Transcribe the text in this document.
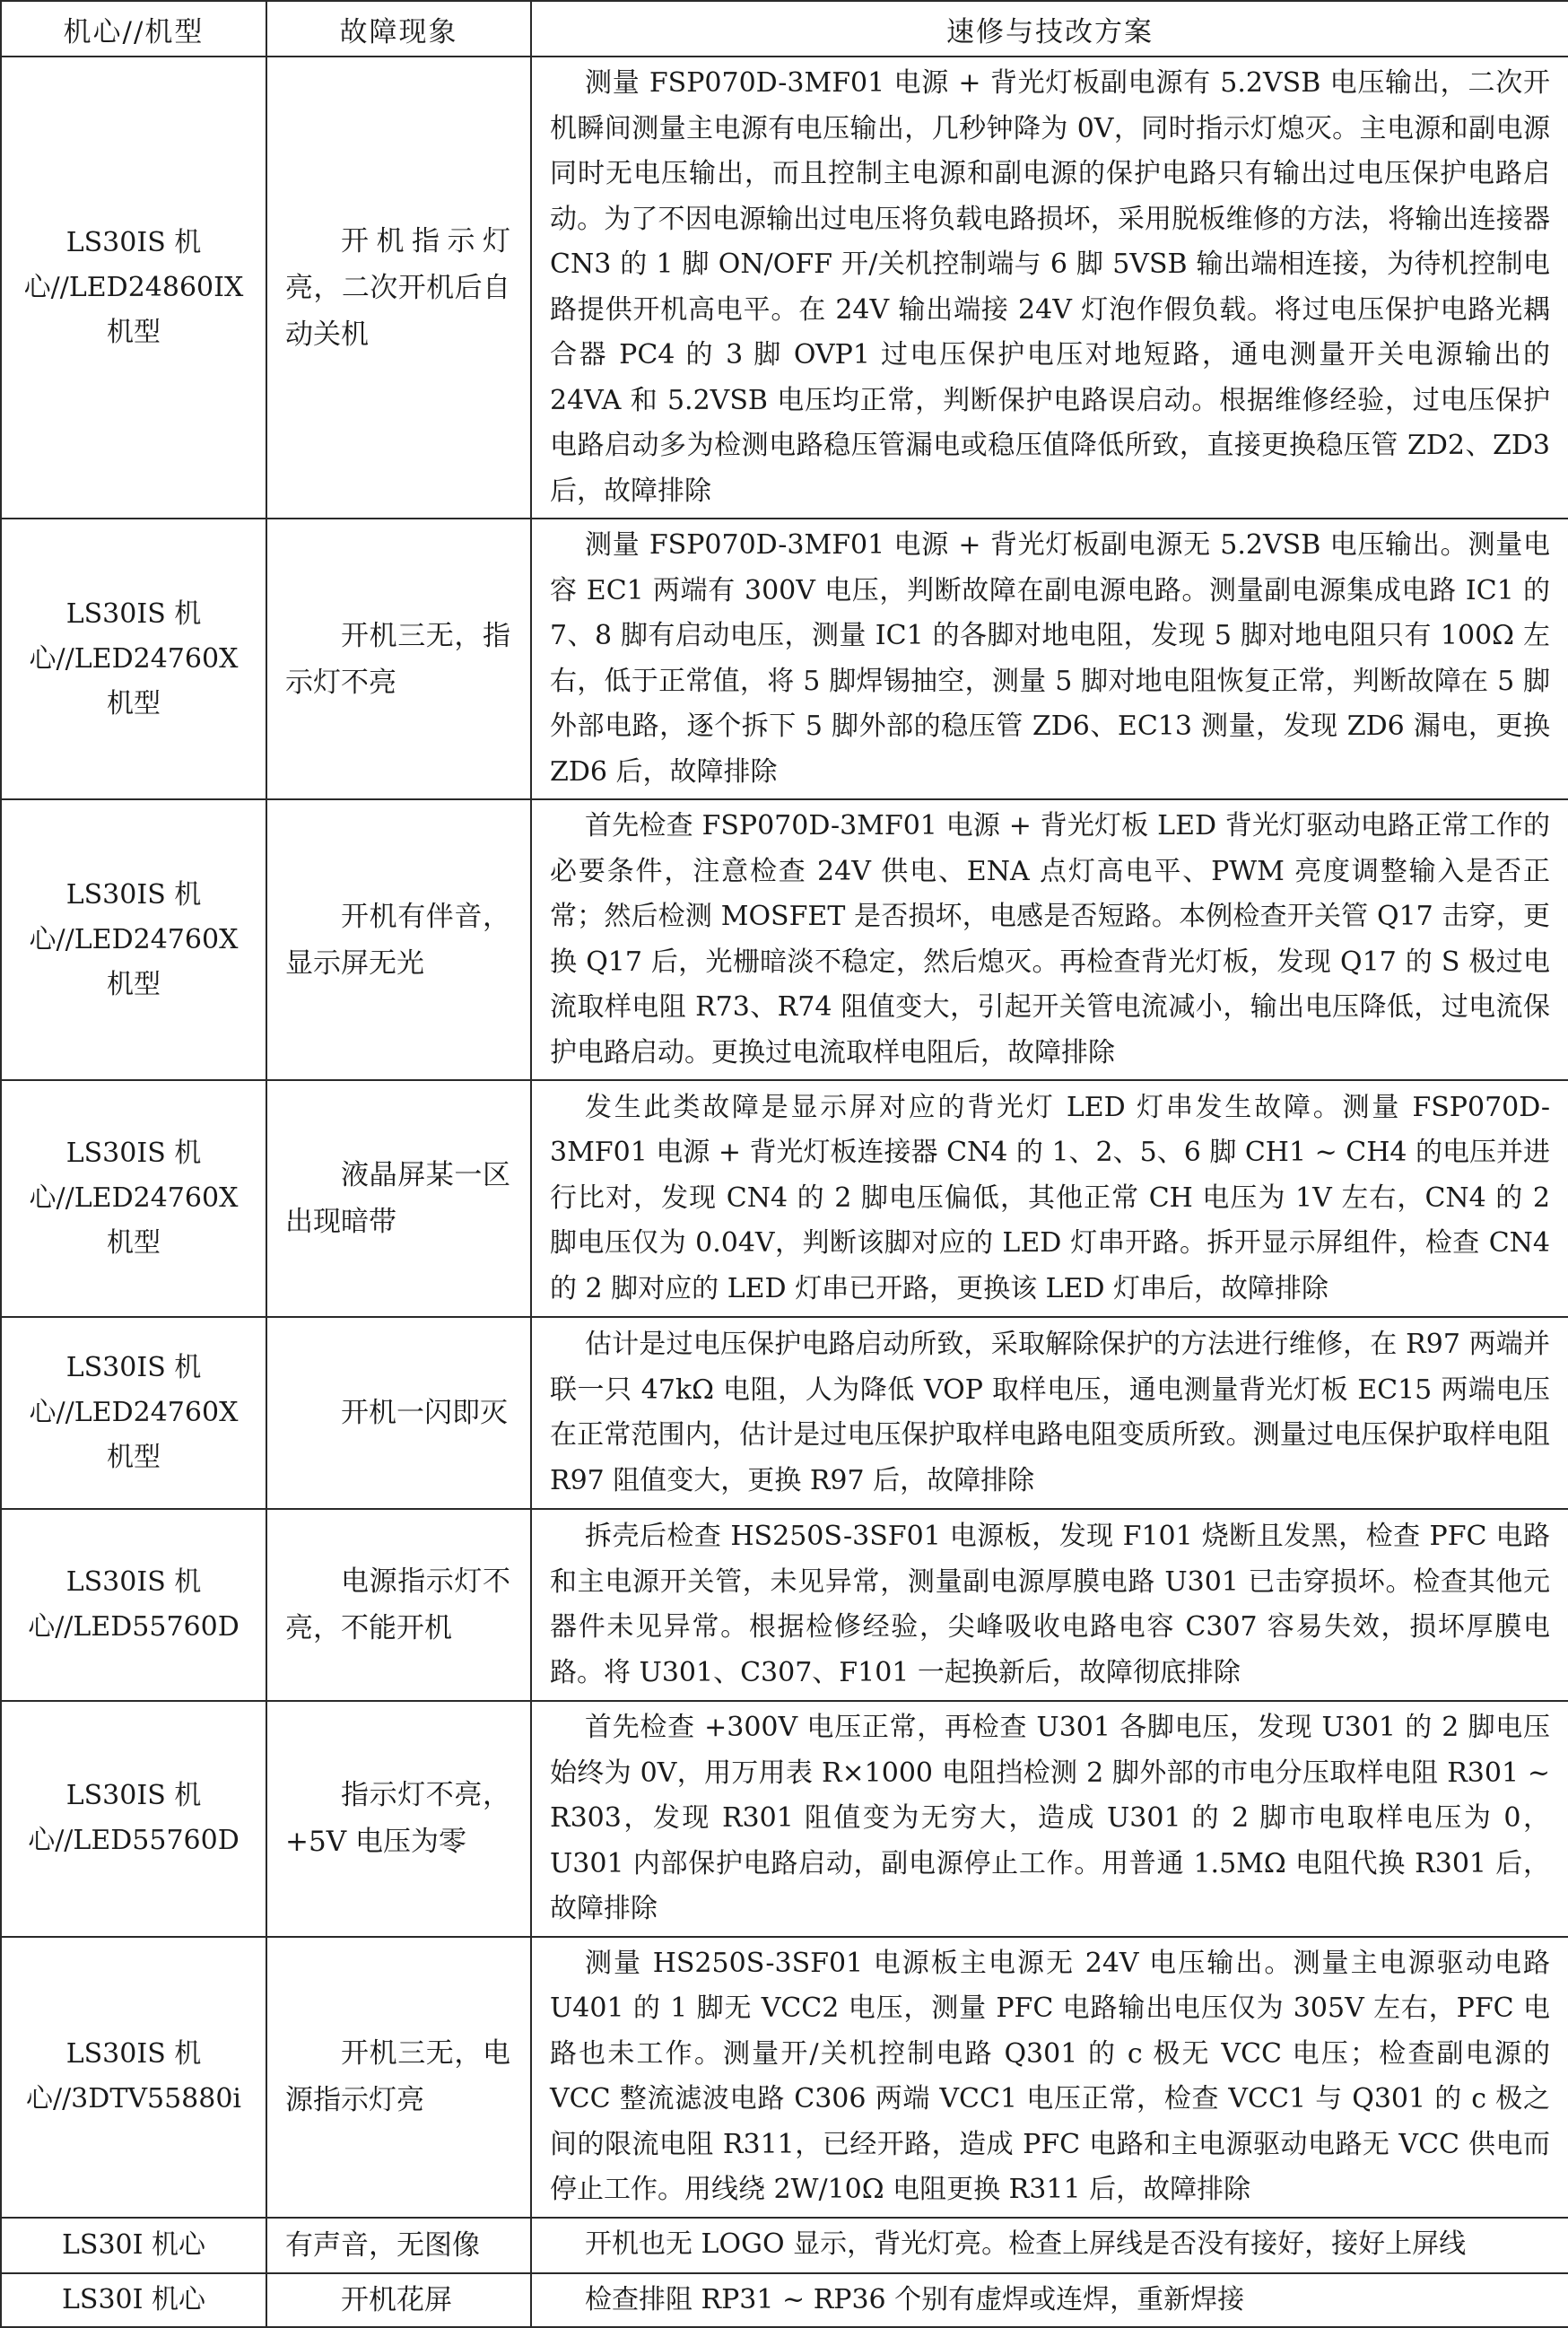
机心//机型	故障现象	速修与技改方案
LS30IS 机心//LED24860IX 机型	开机指示灯亮，二次开机后自动关机	测量 FSP070D-3MF01 电源 + 背光灯板副电源有 5.2VSB 电压输出，二次开机瞬间测量主电源有电压输出，几秒钟降为 0V，同时指示灯熄灭。主电源和副电源同时无电压输出，而且控制主电源和副电源的保护电路只有输出过电压保护电路启动。为了不因电源输出过电压将负载电路损坏，采用脱板维修的方法，将输出连接器 CN3 的 1 脚 ON/OFF 开/关机控制端与 6 脚 5VSB 输出端相连接，为待机控制电路提供开机高电平。在 24V 输出端接 24V 灯泡作假负载。将过电压保护电路光耦合器 PC4 的 3 脚 OVP1 过电压保护电压对地短路，通电测量开关电源输出的 24VA 和 5.2VSB 电压均正常，判断保护电路误启动。根据维修经验，过电压保护电路启动多为检测电路稳压管漏电或稳压值降低所致，直接更换稳压管 ZD2、ZD3 后，故障排除
LS30IS 机心//LED24760X 机型	开机三无，指示灯不亮	测量 FSP070D-3MF01 电源 + 背光灯板副电源无 5.2VSB 电压输出。测量电容 EC1 两端有 300V 电压，判断故障在副电源电路。测量副电源集成电路 IC1 的 7、8 脚有启动电压，测量 IC1 的各脚对地电阻，发现 5 脚对地电阻只有 100Ω 左右，低于正常值，将 5 脚焊锡抽空，测量 5 脚对地电阻恢复正常，判断故障在 5 脚外部电路，逐个拆下 5 脚外部的稳压管 ZD6、EC13 测量，发现 ZD6 漏电，更换 ZD6 后，故障排除
LS30IS 机心//LED24760X 机型	开机有伴音，显示屏无光	首先检查 FSP070D-3MF01 电源 + 背光灯板 LED 背光灯驱动电路正常工作的必要条件，注意检查 24V 供电、ENA 点灯高电平、PWM 亮度调整输入是否正常；然后检测 MOSFET 是否损坏，电感是否短路。本例检查开关管 Q17 击穿，更换 Q17 后，光栅暗淡不稳定，然后熄灭。再检查背光灯板，发现 Q17 的 S 极过电流取样电阻 R73、R74 阻值变大，引起开关管电流减小，输出电压降低，过电流保护电路启动。更换过电流取样电阻后，故障排除
LS30IS 机心//LED24760X 机型	液晶屏某一区出现暗带	发生此类故障是显示屏对应的背光灯 LED 灯串发生故障。测量 FSP070D-3MF01 电源 + 背光灯板连接器 CN4 的 1、2、5、6 脚 CH1 ~ CH4 的电压并进行比对，发现 CN4 的 2 脚电压偏低，其他正常 CH 电压为 1V 左右，CN4 的 2 脚电压仅为 0.04V，判断该脚对应的 LED 灯串开路。拆开显示屏组件，检查 CN4 的 2 脚对应的 LED 灯串已开路，更换该 LED 灯串后，故障排除
LS30IS 机心//LED24760X 机型	开机一闪即灭	估计是过电压保护电路启动所致，采取解除保护的方法进行维修，在 R97 两端并联一只 47kΩ 电阻，人为降低 VOP 取样电压，通电测量背光灯板 EC15 两端电压在正常范围内，估计是过电压保护取样电路电阻变质所致。测量过电压保护取样电阻 R97 阻值变大，更换 R97 后，故障排除
LS30IS 机心//LED55760D	电源指示灯不亮，不能开机	拆壳后检查 HS250S-3SF01 电源板，发现 F101 烧断且发黑，检查 PFC 电路和主电源开关管，未见异常，测量副电源厚膜电路 U301 已击穿损坏。检查其他元器件未见异常。根据检修经验，尖峰吸收电路电容 C307 容易失效，损坏厚膜电路。将 U301、C307、F101 一起换新后，故障彻底排除
LS30IS 机心//LED55760D	指示灯不亮，+5V 电压为零	首先检查 +300V 电压正常，再检查 U301 各脚电压，发现 U301 的 2 脚电压始终为 0V，用万用表 R×1000 电阻挡检测 2 脚外部的市电分压取样电阻 R301 ~ R303，发现 R301 阻值变为无穷大，造成 U301 的 2 脚市电取样电压为 0，U301 内部保护电路启动，副电源停止工作。用普通 1.5MΩ 电阻代换 R301 后，故障排除
LS30IS 机心//3DTV55880i	开机三无，电源指示灯亮	测量 HS250S-3SF01 电源板主电源无 24V 电压输出。测量主电源驱动电路 U401 的 1 脚无 VCC2 电压，测量 PFC 电路输出电压仅为 305V 左右，PFC 电路也未工作。测量开/关机控制电路 Q301 的 c 极无 VCC 电压；检查副电源的 VCC 整流滤波电路 C306 两端 VCC1 电压正常，检查 VCC1 与 Q301 的 c 极之间的限流电阻 R311，已经开路，造成 PFC 电路和主电源驱动电路无 VCC 供电而停止工作。用线绕 2W/10Ω 电阻更换 R311 后，故障排除
LS30I 机心	有声音，无图像	开机也无 LOGO 显示，背光灯亮。检查上屏线是否没有接好，接好上屏线
LS30I 机心	开机花屏	检查排阻 RP31 ~ RP36 个别有虚焊或连焊，重新焊接
